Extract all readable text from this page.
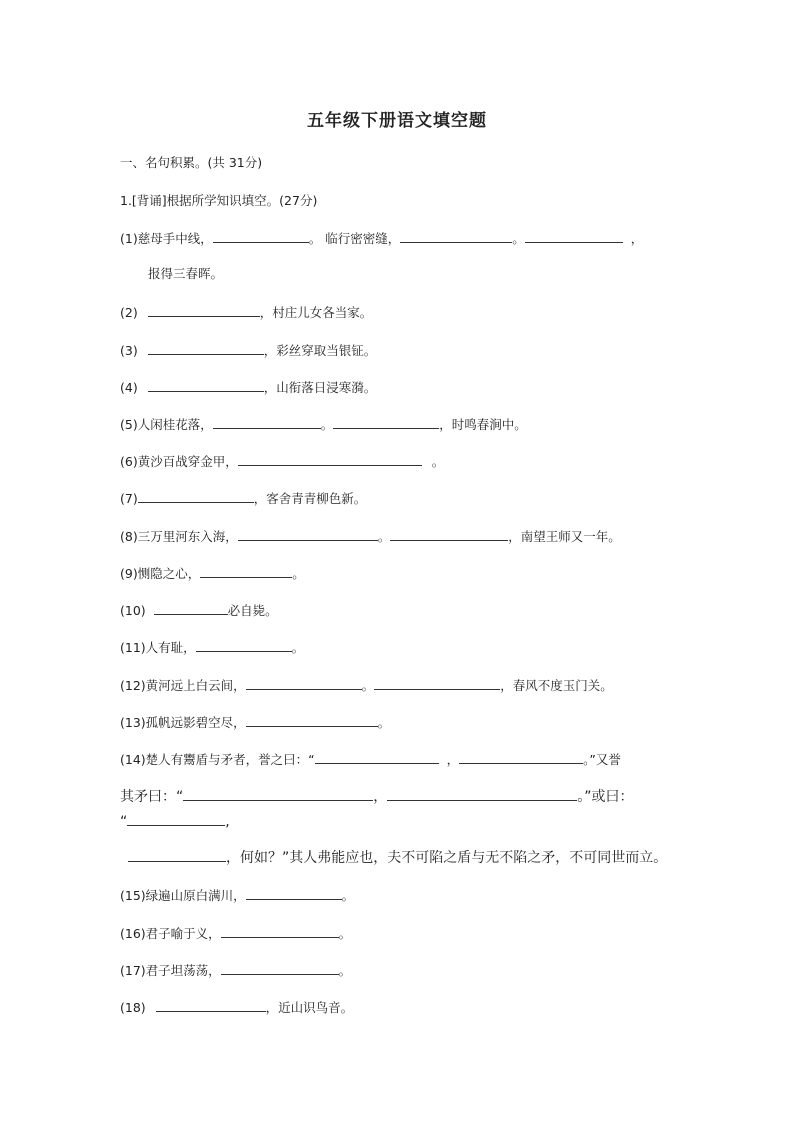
五年级下册语文填空题
一、名句积累。(共 31分)
1.[背诵]根据所学知识填空。(27分)
(1)慈母手中线，	。 临行密密缝，	。	，
报得三春晖。
(2)	，村庄儿女各当家。
(3)	，彩丝穿取当银钲。
(4)	，山衔落日浸寒漪。
(5)人闲桂花落，	。	，时鸣春涧中。
(6)黄沙百战穿金甲，	。
(7)	，客舍青青柳色新。
(8)三万里河东入海，	。	，南望王师又一年。
(9)恻隐之心，	。
(10)	必自毙。
(11)人有耻，	。
(12)黄河远上白云间，	。	，春风不度玉门关。
(13)孤帆远影碧空尽，	。
(14)楚人有鬻盾与矛者，誉之曰：“	，	。”又誉
其矛曰：“	，	。”或曰：
“	,
，何如？”其人弗能应也，夫不可陷之盾与无不陷之矛，不可同世而立。
(15)绿遍山原白满川，	。
(16)君子喻于义，	。
(17)君子坦荡荡，	。
(18)	，近山识鸟音。
